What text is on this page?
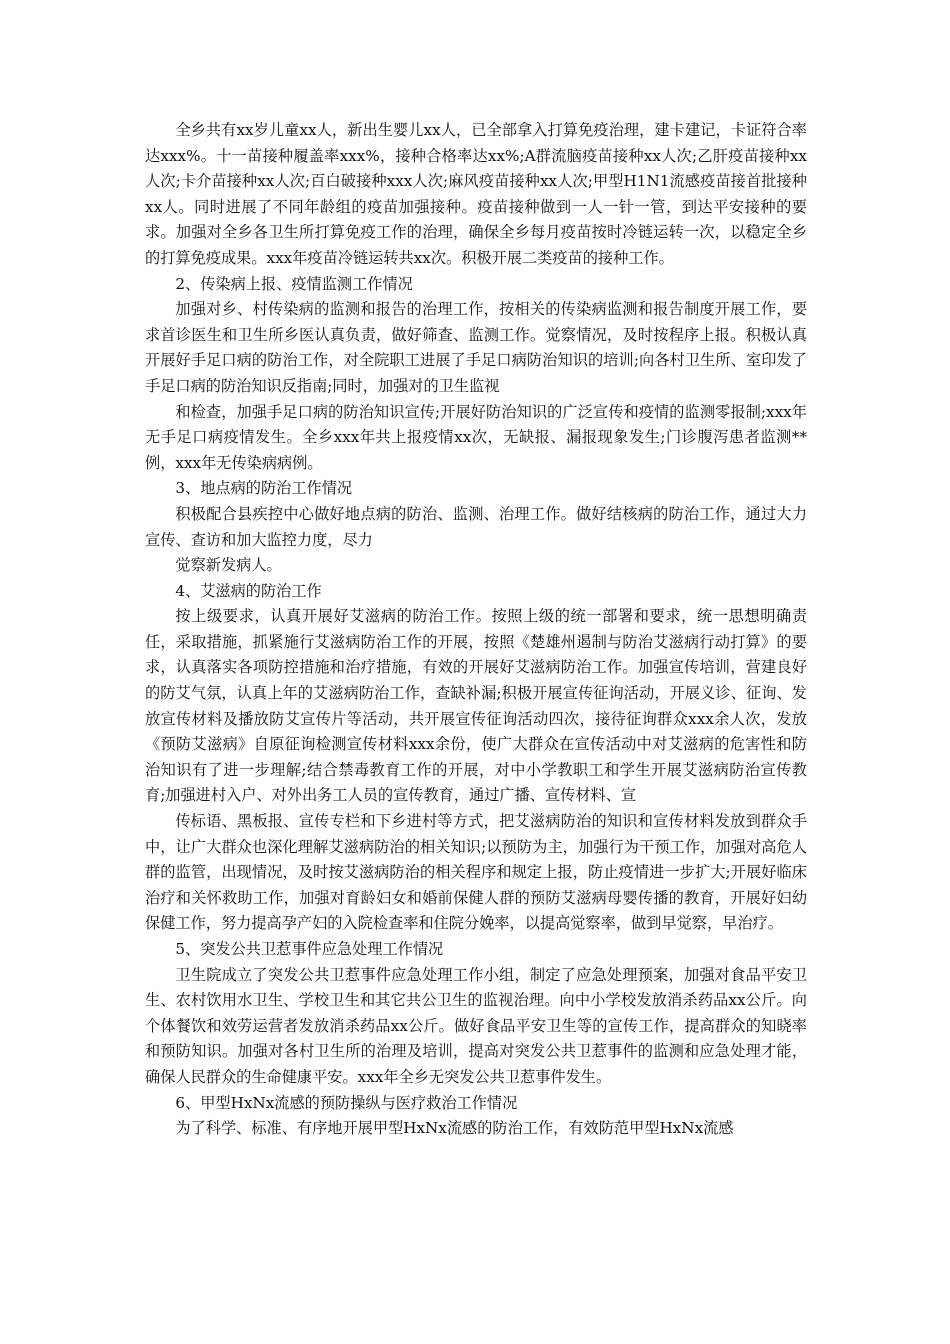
全乡共有xx岁儿童xx人，新出生婴儿xx人，已全部拿入打算免疫治理，建卡建记，卡证符合率达xxx%。十一苗接种履盖率xxx%，接种合格率达xx%;A群流脑疫苗接种xx人次;乙肝疫苗接种xx人次;卡介苗接种xx人次;百白破接种xxx人次;麻风疫苗接种xx人次;甲型H1N1流感疫苗接首批接种xx人。同时进展了不同年龄组的疫苗加强接种。疫苗接种做到一人一针一管，到达平安接种的要求。加强对全乡各卫生所打算免疫工作的治理，确保全乡每月疫苗按时冷链运转一次，以稳定全乡的打算免疫成果。xxx年疫苗冷链运转共xx次。积极开展二类疫苗的接种工作。

2、传染病上报、疫情监测工作情况

加强对乡、村传染病的监测和报告的治理工作，按相关的传染病监测和报告制度开展工作，要求首诊医生和卫生所乡医认真负责，做好筛查、监测工作。觉察情况，及时按程序上报。积极认真开展好手足口病的防治工作，对全院职工进展了手足口病防治知识的培训;向各村卫生所、室印发了手足口病的防治知识反指南;同时，加强对的卫生监视

和检查，加强手足口病的防治知识宣传;开展好防治知识的广泛宣传和疫情的监测零报制;xxx年无手足口病疫情发生。全乡xxx年共上报疫情xx次，无缺报、漏报现象发生;门诊腹泻患者监测**例，xxx年无传染病病例。

3、地点病的防治工作情况

积极配合县疾控中心做好地点病的防治、监测、治理工作。做好结核病的防治工作，通过大力宣传、查访和加大监控力度，尽力

觉察新发病人。

4、艾滋病的防治工作

按上级要求，认真开展好艾滋病的防治工作。按照上级的统一部署和要求，统一思想明确责任，采取措施，抓紧施行艾滋病防治工作的开展，按照《楚雄州遏制与防治艾滋病行动打算》的要求，认真落实各项防控措施和治疗措施，有效的开展好艾滋病防治工作。加强宣传培训，营建良好的防艾气氛，认真上年的艾滋病防治工作，查缺补漏;积极开展宣传征询活动，开展义诊、征询、发放宣传材料及播放防艾宣传片等活动，共开展宣传征询活动四次，接待征询群众xxx余人次，发放《预防艾滋病》自原征询检测宣传材料xxx余份，使广大群众在宣传活动中对艾滋病的危害性和防治知识有了进一步理解;结合禁毒教育工作的开展，对中小学教职工和学生开展艾滋病防治宣传教育;加强进村入户、对外出务工人员的宣传教育，通过广播、宣传材料、宣

传标语、黑板报、宣传专栏和下乡进村等方式，把艾滋病防治的知识和宣传材料发放到群众手中，让广大群众也深化理解艾滋病防治的相关知识;以预防为主，加强行为干预工作，加强对高危人群的监管，出现情况，及时按艾滋病防治的相关程序和规定上报，防止疫情进一步扩大;开展好临床治疗和关怀救助工作，加强对育龄妇女和婚前保健人群的预防艾滋病母婴传播的教育，开展好妇幼保健工作，努力提高孕产妇的入院检查率和住院分娩率，以提高觉察率，做到早觉察，早治疗。

5、突发公共卫惹事件应急处理工作情况

卫生院成立了突发公共卫惹事件应急处理工作小组，制定了应急处理预案，加强对食品平安卫生、农村饮用水卫生、学校卫生和其它共公卫生的监视治理。向中小学校发放消杀药品xx公斤。向个体餐饮和效劳运营者发放消杀药品xx公斤。做好食品平安卫生等的宣传工作，提高群众的知晓率和预防知识。加强对各村卫生所的治理及培训，提高对突发公共卫惹事件的监测和应急处理才能，确保人民群众的生命健康平安。xxx年全乡无突发公共卫惹事件发生。

6、甲型HxNx流感的预防操纵与医疗救治工作情况

为了科学、标准、有序地开展甲型HxNx流感的防治工作，有效防范甲型HxNx流感
